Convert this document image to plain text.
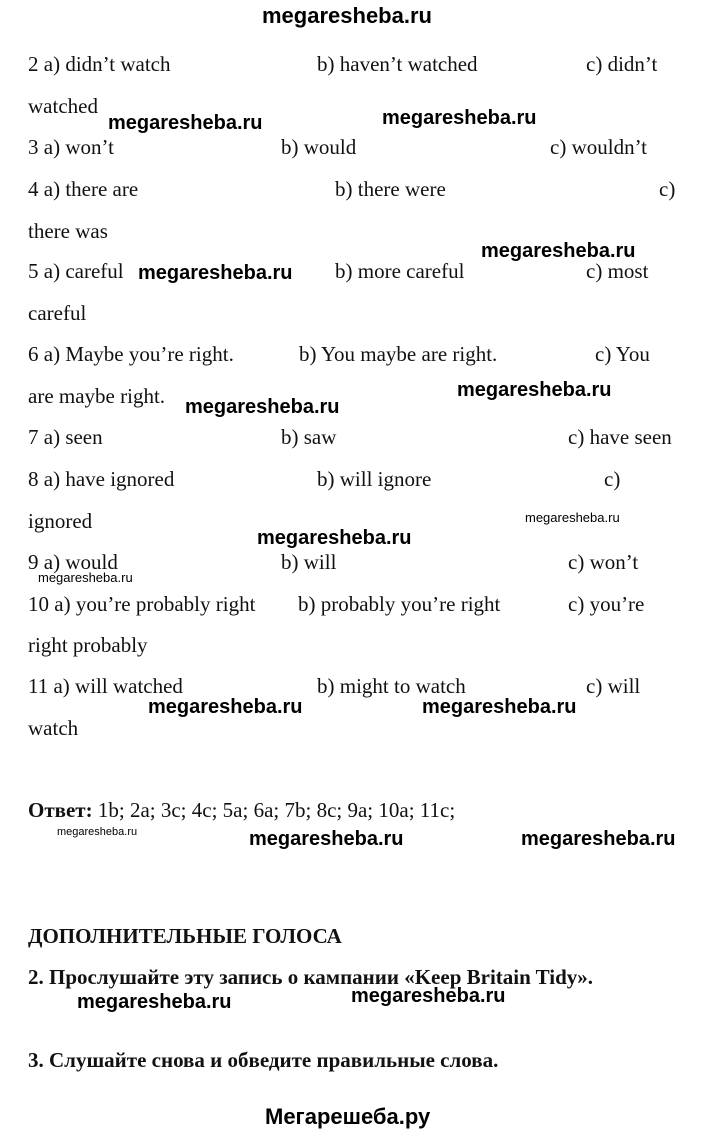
megaresheba.ru
2 a) didn’t watch	b) haven’t watched	c) didn’t
watched
3 a) won’t	b) would	c) wouldn’t
4 a) there are	b) there were	c)
there was
5 a) careful	b) more careful	c) most
careful
6 a) Maybe you’re right.	b) You maybe are right.	c) You
are maybe right.
7 a) seen	b) saw	c) have seen
8 a) have ignored	b) will ignore	c)
ignored
9 a) would	b) will	c) won’t
10 a) you’re probably right b) probably you’re right	c) you’re
right probably
11 a) will watched	b) might to watch	c) will
watch
Ответ: 1b; 2a; 3c; 4c; 5a; 6a; 7b; 8c; 9a; 10a; 11c;
ДОПОЛНИТЕЛЬНЫЕ ГОЛОСА
2. Прослушайте эту запись о кампании «Keep Britain Tidy».
3. Слушайте снова и обведите правильные слова.
megaresheba.ru	megaresheba.ru
megaresheba.ru
megaresheba.ru
megaresheba.ru
megaresheba.ru
megaresheba.ru
megaresheba.ru
megaresheba.ru
megaresheba.ru	megaresheba.ru
megaresheba.ru	megaresheba.ru	megaresheba.ru
megaresheba.ru	megaresheba.ru
Мегарешеба.ру
